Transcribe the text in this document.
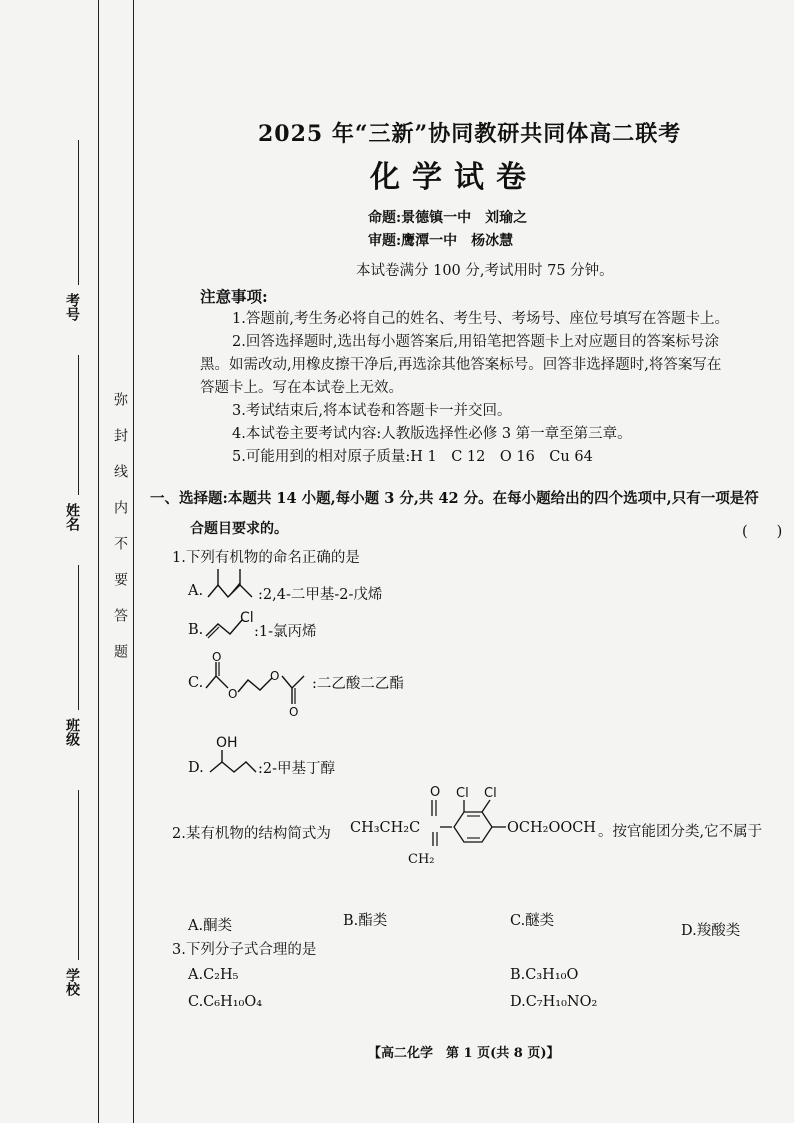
考号
姓名
班级
学校
弥封线内不要答题
2025 年“三新”协同教研共同体高二联考
化学试卷
命题:景德镇一中　刘瑜之
审题:鹰潭一中　杨冰慧
本试卷满分 100 分,考试用时 75 分钟。
注意事项:
1.答题前,考生务必将自己的姓名、考生号、考场号、座位号填写在答题卡上。
2.回答选择题时,选出每小题答案后,用铅笔把答题卡上对应题目的答案标号涂
黑。如需改动,用橡皮擦干净后,再选涂其他答案标号。回答非选择题时,将答案写在
答题卡上。写在本试卷上无效。
3.考试结束后,将本试卷和答题卡一并交回。
4.本试卷主要考试内容:人教版选择性必修 3 第一章至第三章。
5.可能用到的相对原子质量:H 1　C 12　O 16　Cu 64
一、选择题:本题共 14 小题,每小题 3 分,共 42 分。在每小题给出的四个选项中,只有一项是符
合题目要求的。	(　　)
1.下列有机物的命名正确的是
A.	:2,4-二甲基-2-戊烯
B.
Cl
:1-氯丙烯
C.
O
O
O
O
:二乙酸二乙酯
D.
OH
:2-甲基丁醇
2.某有机物的结构简式为 CH₃CH₂C
O Cl Cl
OCH₂OOCH 。按官能团分类,它不属于
CH₂
A.酮类	B.酯类	C.醚类
D.羧酸类
3.下列分子式合理的是
A.C₂H₅	B.C₃H₁₀O
C.C₆H₁₀O₄	D.C₇H₁₀NO₂
【高二化学　第 1 页(共 8 页)】
